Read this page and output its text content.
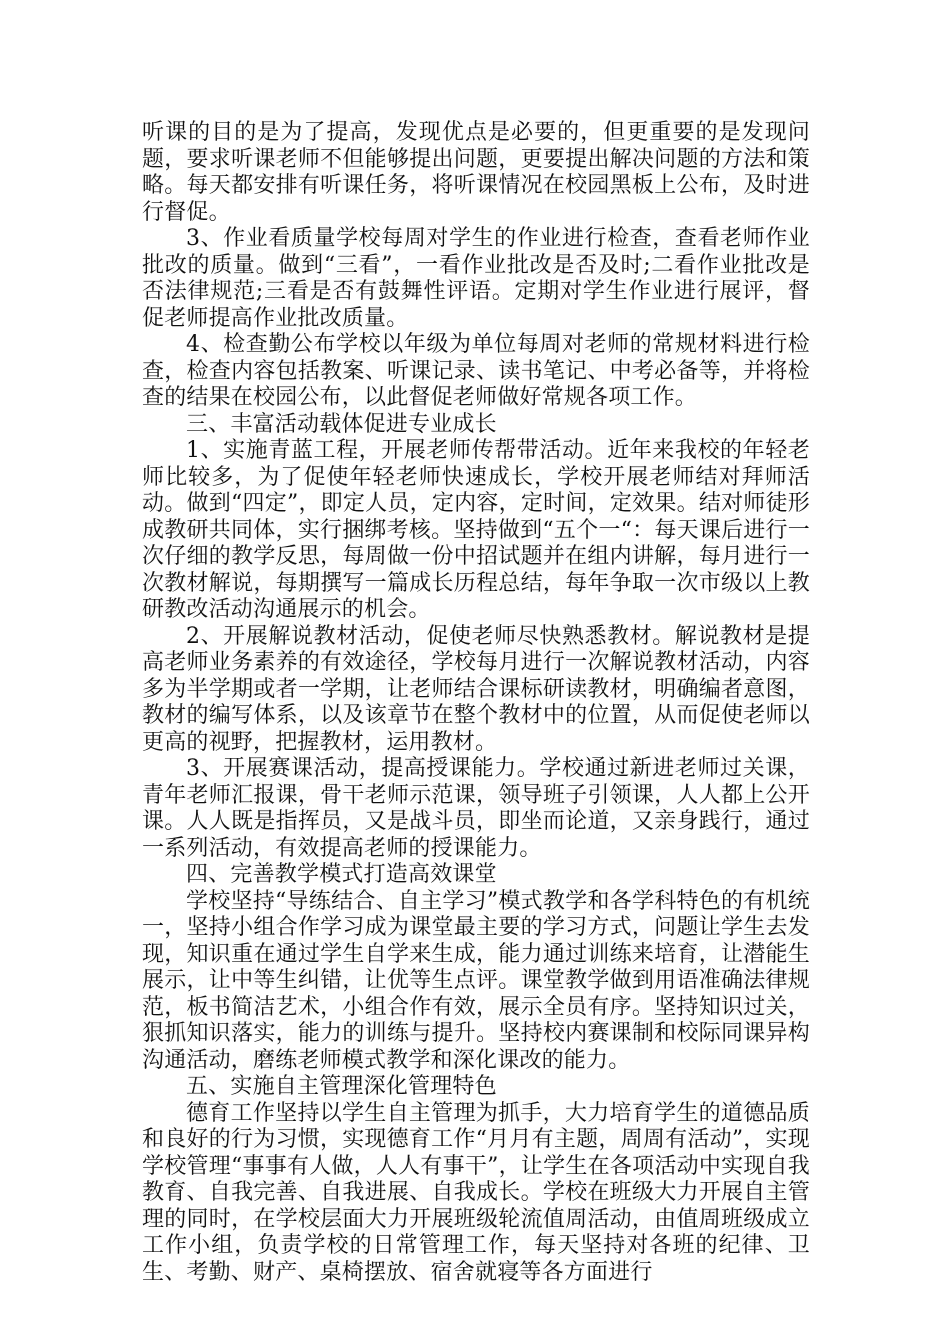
听课的目的是为了提高，发现优点是必要的，但更重要的是发现问题，要求听课老师不但能够提出问题，更要提出解决问题的方法和策略。每天都安排有听课任务，将听课情况在校园黑板上公布，及时进行督促。

3、作业看质量学校每周对学生的作业进行检查，查看老师作业批改的质量。做到“三看”，一看作业批改是否及时;二看作业批改是否法律规范;三看是否有鼓舞性评语。定期对学生作业进行展评，督促老师提高作业批改质量。

4、检查勤公布学校以年级为单位每周对老师的常规材料进行检查，检查内容包括教案、听课记录、读书笔记、中考必备等，并将检查的结果在校园公布，以此督促老师做好常规各项工作。

三、丰富活动载体促进专业成长

1、实施青蓝工程，开展老师传帮带活动。近年来我校的年轻老师比较多，为了促使年轻老师快速成长，学校开展老师结对拜师活动。做到“四定”，即定人员，定内容，定时间，定效果。结对师徒形成教研共同体，实行捆绑考核。坚持做到“五个一“：每天课后进行一次仔细的教学反思，每周做一份中招试题并在组内讲解，每月进行一次教材解说，每期撰写一篇成长历程总结，每年争取一次市级以上教研教改活动沟通展示的机会。

2、开展解说教材活动，促使老师尽快熟悉教材。解说教材是提高老师业务素养的有效途径，学校每月进行一次解说教材活动，内容多为半学期或者一学期，让老师结合课标研读教材，明确编者意图，教材的编写体系，以及该章节在整个教材中的位置，从而促使老师以更高的视野，把握教材，运用教材。

3、开展赛课活动，提高授课能力。学校通过新进老师过关课，青年老师汇报课，骨干老师示范课，领导班子引领课，人人都上公开课。人人既是指挥员，又是战斗员，即坐而论道，又亲身践行，通过一系列活动，有效提高老师的授课能力。

四、完善教学模式打造高效课堂

学校坚持“导练结合、自主学习”模式教学和各学科特色的有机统一，坚持小组合作学习成为课堂最主要的学习方式，问题让学生去发现，知识重在通过学生自学来生成，能力通过训练来培育，让潜能生展示，让中等生纠错，让优等生点评。课堂教学做到用语准确法律规范，板书简洁艺术，小组合作有效，展示全员有序。坚持知识过关，狠抓知识落实，能力的训练与提升。坚持校内赛课制和校际同课异构沟通活动，磨练老师模式教学和深化课改的能力。

五、实施自主管理深化管理特色

德育工作坚持以学生自主管理为抓手，大力培育学生的道德品质和良好的行为习惯，实现德育工作“月月有主题，周周有活动”，实现学校管理“事事有人做，人人有事干”，让学生在各项活动中实现自我教育、自我完善、自我进展、自我成长。学校在班级大力开展自主管理的同时，在学校层面大力开展班级轮流值周活动，由值周班级成立工作小组，负责学校的日常管理工作，每天坚持对各班的纪律、卫生、考勤、财产、桌椅摆放、宿舍就寝等各方面进行
